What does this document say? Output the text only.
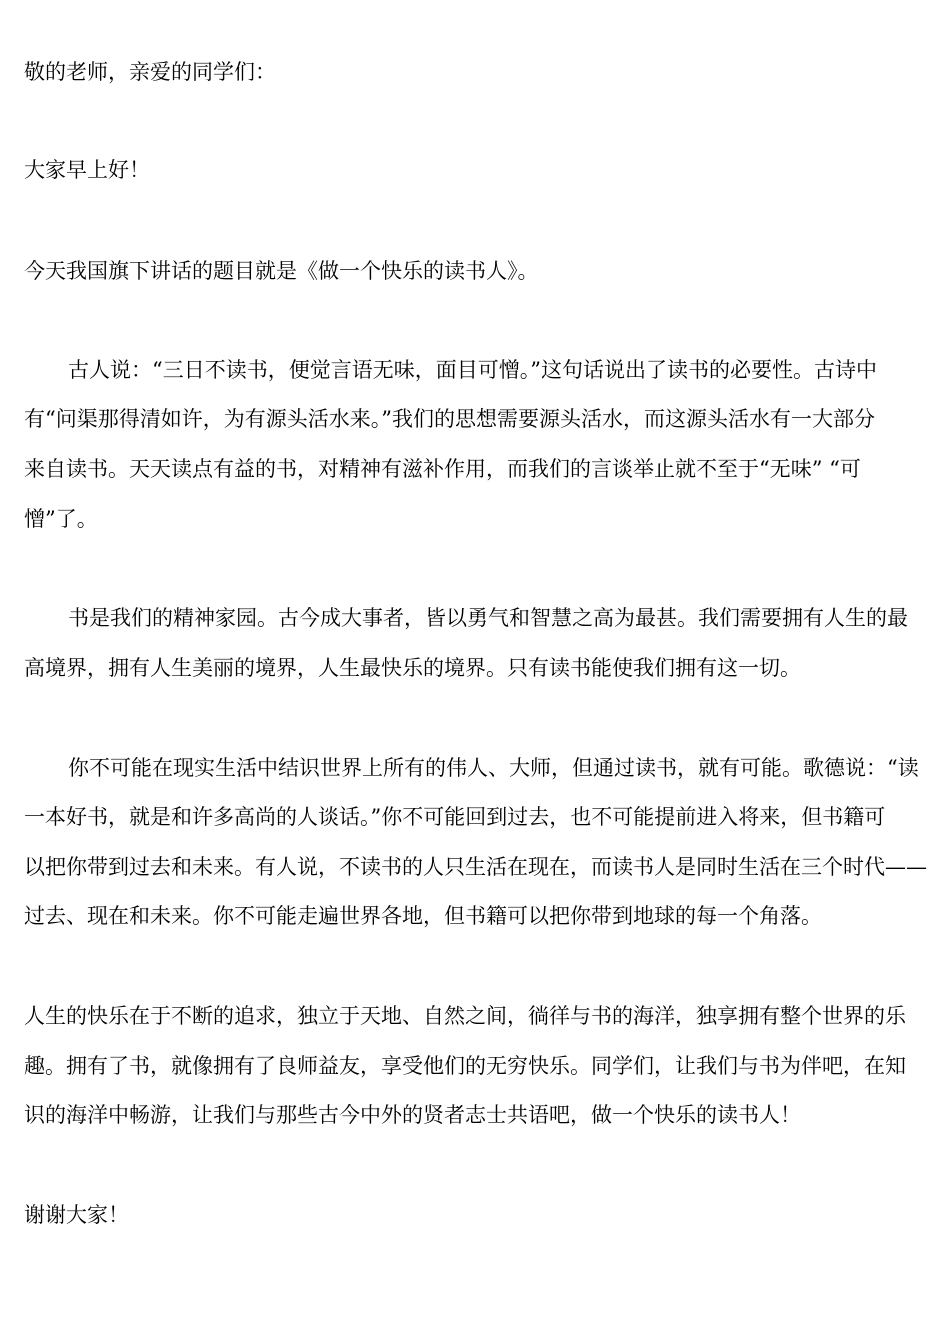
敬的老师，亲爱的同学们：
大家早上好！
今天我国旗下讲话的题目就是《做一个快乐的读书人》。
古人说：“三日不读书，便觉言语无味，面目可憎。”这句话说出了读书的必要性。古诗中
有“问渠那得清如许，为有源头活水来。”我们的思想需要源头活水，而这源头活水有一大部分
来自读书。天天读点有益的书，对精神有滋补作用，而我们的言谈举止就不至于“无味” “可
憎”了。
书是我们的精神家园。古今成大事者，皆以勇气和智慧之高为最甚。我们需要拥有人生的最
高境界，拥有人生美丽的境界，人生最快乐的境界。只有读书能使我们拥有这一切。
你不可能在现实生活中结识世界上所有的伟人、大师，但通过读书，就有可能。歌德说：“读
一本好书，就是和许多高尚的人谈话。”你不可能回到过去，也不可能提前进入将来，但书籍可
以把你带到过去和未来。有人说，不读书的人只生活在现在，而读书人是同时生活在三个时代——
过去、现在和未来。你不可能走遍世界各地，但书籍可以把你带到地球的每一个角落。
人生的快乐在于不断的追求，独立于天地、自然之间，徜徉与书的海洋，独享拥有整个世界的乐
趣。拥有了书，就像拥有了良师益友，享受他们的无穷快乐。同学们，让我们与书为伴吧，在知
识的海洋中畅游，让我们与那些古今中外的贤者志士共语吧，做一个快乐的读书人！
谢谢大家！
